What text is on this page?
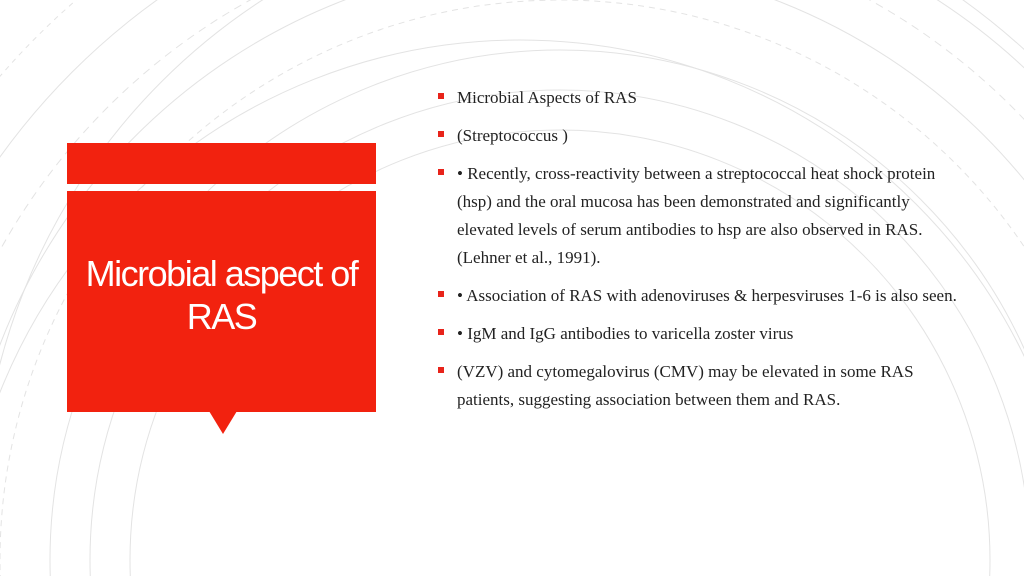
Microbial aspect of RAS
Microbial Aspects of RAS
(Streptococcus )
• Recently, cross-reactivity between a streptococcal heat shock protein (hsp) and the oral mucosa has been demonstrated and significantly elevated levels of serum antibodies to hsp are also observed in RAS. (Lehner et al., 1991).
• Association of RAS with adenoviruses & herpesviruses 1-6 is also seen.
• IgM and IgG antibodies to varicella zoster virus
(VZV) and cytomegalovirus (CMV) may be elevated in some RAS patients, suggesting association between them and RAS.
